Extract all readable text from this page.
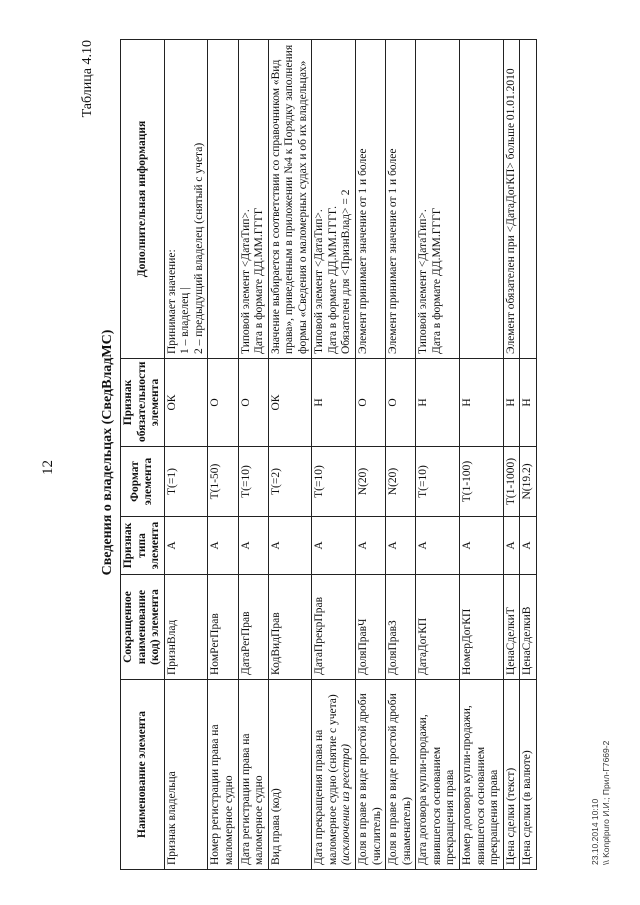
12
Таблица 4.10
Сведения о владельцах (СведВладМС)
Наименование элемента	Сокращенное наименование (код) элемента	Признак типа элемента	Формат элемента	Признак обязательности элемента	Дополнительная информация
Признак владельца	ПризнВлад	А	T(=1)	ОК	Принимает значение: 1 – владелец | 2 – предыдущий владелец (снятый с учета)

Номер регистрации права на маломерное судно	НомРегПрав	А	T(1-50)	О	
Дата регистрации права на маломерное судно	ДатаРегПрав	А	T(=10)	О	Типовой элемент <ДатаТип>. Дата в формате ДД.ММ.ГГГГ

Вид права (код)	КодВидПрав	А	T(=2)	ОК	Значение выбирается в соответствии со справочником «Вид права», приведенным в приложении №4 к Порядку заполнения формы «Сведения о маломерных судах и об их владельцах»

Дата прекращения права на маломерное судно (снятие с учета) (исключение из реестра)	ДатаПрекрПрав	А	T(=10)	Н	Типовой элемент <ДатаТип>. Дата в формате ДД.ММ.ГГГГ. Обязателен для <ПризнВлад> = 2

Доля в праве в виде простой дроби (числитель)	ДоляПравЧ	А	N(20)	О	Элемент принимает значение от 1 и более

Доля в праве в виде простой дроби (знаменатель)	ДоляПравЗ	А	N(20)	О	Элемент принимает значение от 1 и более

Дата договора купли-продажи, явившегося основанием прекращения права	ДатаДогКП	А	T(=10)	Н	Типовой элемент <ДатаТип>. Дата в формате ДД.ММ.ГГГГ

Номер договора купли-продажи, явившегося основанием прекращения права	НомерДогКП	А	T(1-100)	Н	
Цена сделки (текст)	ЦенаСделкиТ	А	T(1-1000)	Н	Элемент обязателен при <ДатаДогКП> больше 01.01.2010

Цена сделки (в валюте)	ЦенаСделкиВ	А	N(19.2)	Н	
23.10.2014 10:10 \\ Konplpuro И.И.; Прил-Г7669-2
